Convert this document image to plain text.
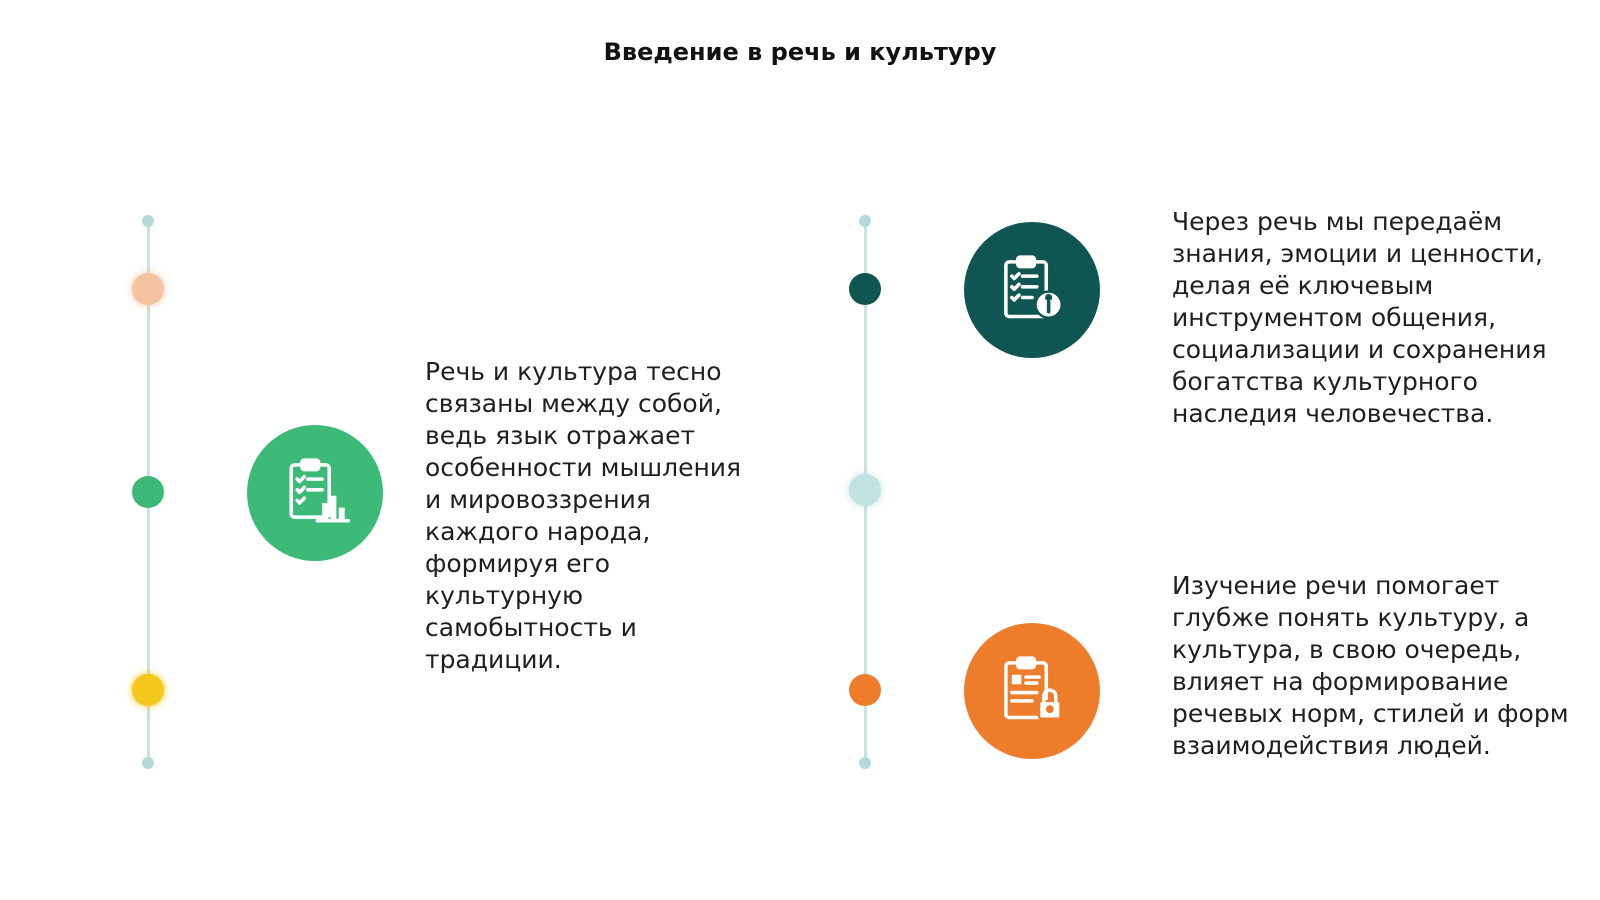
Введение в речь и культуру
Речь и культура тесно связаны между собой, ведь язык отражает особенности мышления и мировоззрения каждого народа, формируя его культурную самобытность и традиции.
Через речь мы передаём знания, эмоции и ценности, делая её ключевым инструментом общения, социализации и сохранения богатства культурного наследия человечества.
Изучение речи помогает глубже понять культуру, а культура, в свою очередь, влияет на формирование речевых норм, стилей и форм взаимодействия людей.
